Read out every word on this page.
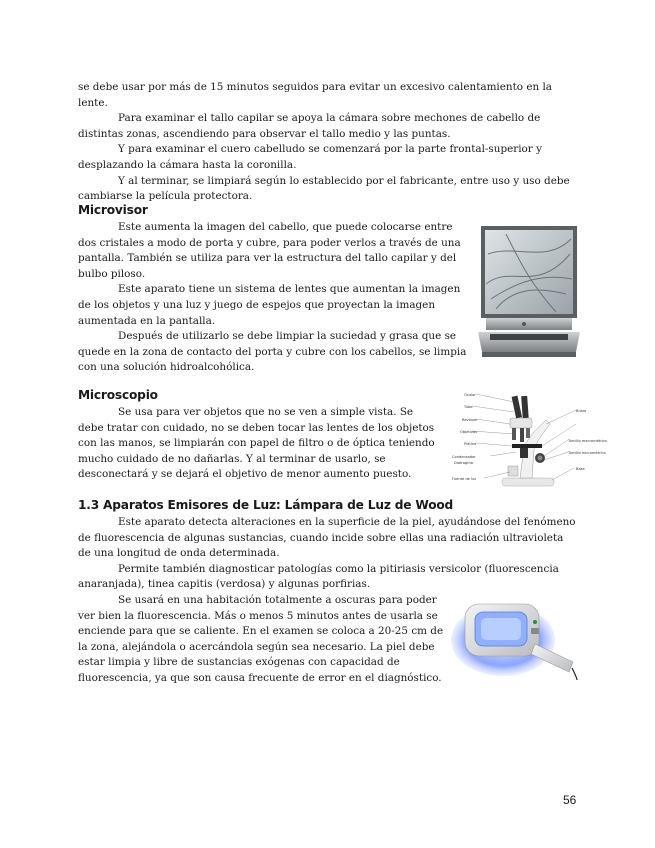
se debe usar por más de 15 minutos seguidos para evitar un excesivo calentamiento en la lente.

Para examinar el tallo capilar se apoya la cámara sobre mechones de cabello de distintas zonas, ascendiendo para observar el tallo medio y las puntas.

Y para examinar el cuero cabelludo se comenzará por la parte frontal-superior y desplazando la cámara hasta la coronilla.

Y al terminar, se limpiará según lo establecido por el fabricante, entre uso y uso debe cambiarse la película protectora.

Microvisor

Este aumenta la imagen del cabello, que puede colocarse entre dos cristales a modo de porta y cubre, para poder verlos a través de una pantalla. También se utiliza para ver la estructura del tallo capilar y del bulbo piloso.

Este aparato tiene un sistema de lentes que aumentan la imagen de los objetos y una luz y juego de espejos que proyectan la imagen aumentada en la pantalla.

Después de utilizarlo se debe limpiar la suciedad y grasa que se quede en la zona de contacto del porta y cubre con los cabellos, se limpia con una solución hidroalcohólica.

Microscopio

Se usa para ver objetos que no se ven a simple vista. Se debe tratar con cuidado, no se deben tocar las lentes de los objetos con las manos, se limpiarán con papel de filtro o de óptica teniendo mucho cuidado de no dañarlas. Y al terminar de usarlo, se desconectará y se dejará el objetivo de menor aumento puesto.

Ocular
Tubo
Revólver
Objetivos
Platina
Condensador
Diafragma
Fuente de luz
Brazo
Tornillo macrométrico
Tornillo micrométrico
Base
1.3 Aparatos Emisores de Luz: Lámpara de Luz de Wood

Este aparato detecta alteraciones en la superficie de la piel, ayudándose del fenómeno de fluorescencia de algunas sustancias, cuando incide sobre ellas una radiación ultravioleta de una longitud de onda determinada.

Permite también diagnosticar patologías como la pitiriasis versicolor (fluorescencia anaranjada), tinea capitis (verdosa) y algunas porfirias.

Se usará en una habitación totalmente a oscuras para poder ver bien la fluorescencia. Más o menos 5 minutos antes de usarla se enciende para que se caliente. En el examen se coloca a 20-25 cm de la zona, alejándola o acercándola según sea necesario. La piel debe estar limpia y libre de sustancias exógenas con capacidad de fluorescencia, ya que son causa frecuente de error en el diagnóstico.

56
